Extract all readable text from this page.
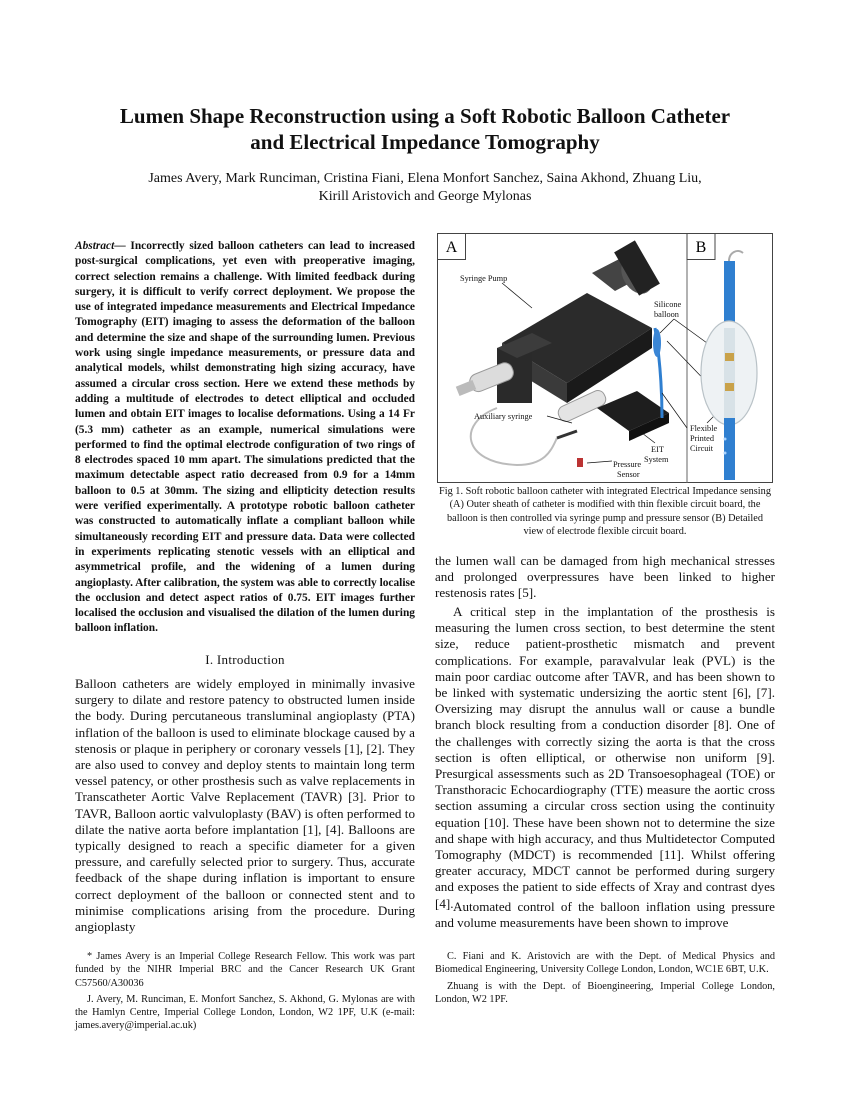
Lumen Shape Reconstruction using a Soft Robotic Balloon Catheter
and Electrical Impedance Tomography
James Avery, Mark Runciman, Cristina Fiani, Elena Monfort Sanchez, Saina Akhond, Zhuang Liu,
Kirill Aristovich and George Mylonas
Abstract— Incorrectly sized balloon catheters can lead to increased post-surgical complications, yet even with preoperative imaging, correct selection remains a challenge. With limited feedback during surgery, it is difficult to verify correct deployment. We propose the use of integrated impedance measurements and Electrical Impedance Tomography (EIT) imaging to assess the deformation of the balloon and determine the size and shape of the surrounding lumen. Previous work using single impedance measurements, or pressure data and analytical models, whilst demonstrating high sizing accuracy, have assumed a circular cross section. Here we extend these methods by adding a multitude of electrodes to detect elliptical and occluded lumen and obtain EIT images to localise deformations. Using a 14 Fr (5.3 mm) catheter as an example, numerical simulations were performed to find the optimal electrode configuration of two rings of 8 electrodes spaced 10 mm apart. The simulations predicted that the maximum detectable aspect ratio decreased from 0.9 for a 14mm balloon to 0.5 at 30mm. The sizing and ellipticity detection results were verified experimentally. A prototype robotic balloon catheter was constructed to automatically inflate a compliant balloon while simultaneously recording EIT and pressure data. Data were collected in experiments replicating stenotic vessels with an elliptical and asymmetrical profile, and the widening of a lumen during angioplasty. After calibration, the system was able to correctly localise the occlusion and detect aspect ratios of 0.75. EIT images further localised the occlusion and visualised the dilation of the lumen during balloon inflation.
I. Introduction
Balloon catheters are widely employed in minimally invasive surgery to dilate and restore patency to obstructed lumen inside the body. During percutaneous transluminal angioplasty (PTA) inflation of the balloon is used to eliminate blockage caused by a stenosis or plaque in periphery or coronary vessels [1], [2]. They are also used to convey and deploy stents to maintain long term vessel patency, or other prosthesis such as valve replacements in Transcatheter Aortic Valve Replacement (TAVR) [3]. Prior to TAVR, Balloon aortic valvuloplasty (BAV) is often performed to dilate the native aorta before implantation [1], [4]. Balloons are typically designed to reach a specific diameter for a given pressure, and carefully selected prior to surgery. Thus, accurate feedback of the shape during inflation is important to ensure correct deployment of the balloon or connected stent and to minimise complications arising from the procedure. During angioplasty

* James Avery is an Imperial College Research Fellow. This work was part funded by the NIHR Imperial BRC and the Cancer Research UK Grant C57560/A30036

J. Avery, M. Runciman, E. Monfort Sanchez, S. Akhond, G. Mylonas are with the Hamlyn Centre, Imperial College London, London, W2 1PF, U.K (e-mail: james.avery@imperial.ac.uk)

A	B
Syringe Pump
Silicone
balloon
Auxiliary syringe
EIT
System
Pressure
Sensor
Flexible
Printed
Circuit
Fig 1. Soft robotic balloon catheter with integrated Electrical Impedance sensing (A) Outer sheath of catheter is modified with thin flexible circuit board, the balloon is then controlled via syringe pump and pressure sensor (B) Detailed view of electrode flexible circuit board.
the lumen wall can be damaged from high mechanical stresses and prolonged overpressures have been linked to higher restenosis rates [5].
A critical step in the implantation of the prosthesis is measuring the lumen cross section, to best determine the stent size, reduce patient-prosthetic mismatch and prevent complications. For example, paravalvular leak (PVL) is the main poor cardiac outcome after TAVR, and has been shown to be linked with systematic undersizing the aortic stent [6], [7]. Oversizing may disrupt the annulus wall or cause a bundle branch block resulting from a conduction disorder [8]. One of the challenges with correctly sizing the aorta is that the cross section is often elliptical, or otherwise non uniform [9]. Presurgical assessments such as 2D Transoesophageal (TOE) or Transthoracic Echocardiography (TTE) measure the aortic cross section assuming a circular cross section using the continuity equation [10]. These have been shown not to determine the size and shape with high accuracy, and thus Multidetector Computed Tomography (MDCT) is recommended [11]. Whilst offering greater accuracy, MDCT cannot be performed during surgery and exposes the patient to side effects of Xray and contrast dyes [4]. Automated control of the balloon inflation using pressure and volume measurements have been shown to improve

C. Fiani and K. Aristovich are with the Dept. of Medical Physics and Biomedical Engineering, University College London, London, WC1E 6BT, U.K.

Zhuang is with the Dept. of Bioengineering, Imperial College London, London, W2 1PF.
